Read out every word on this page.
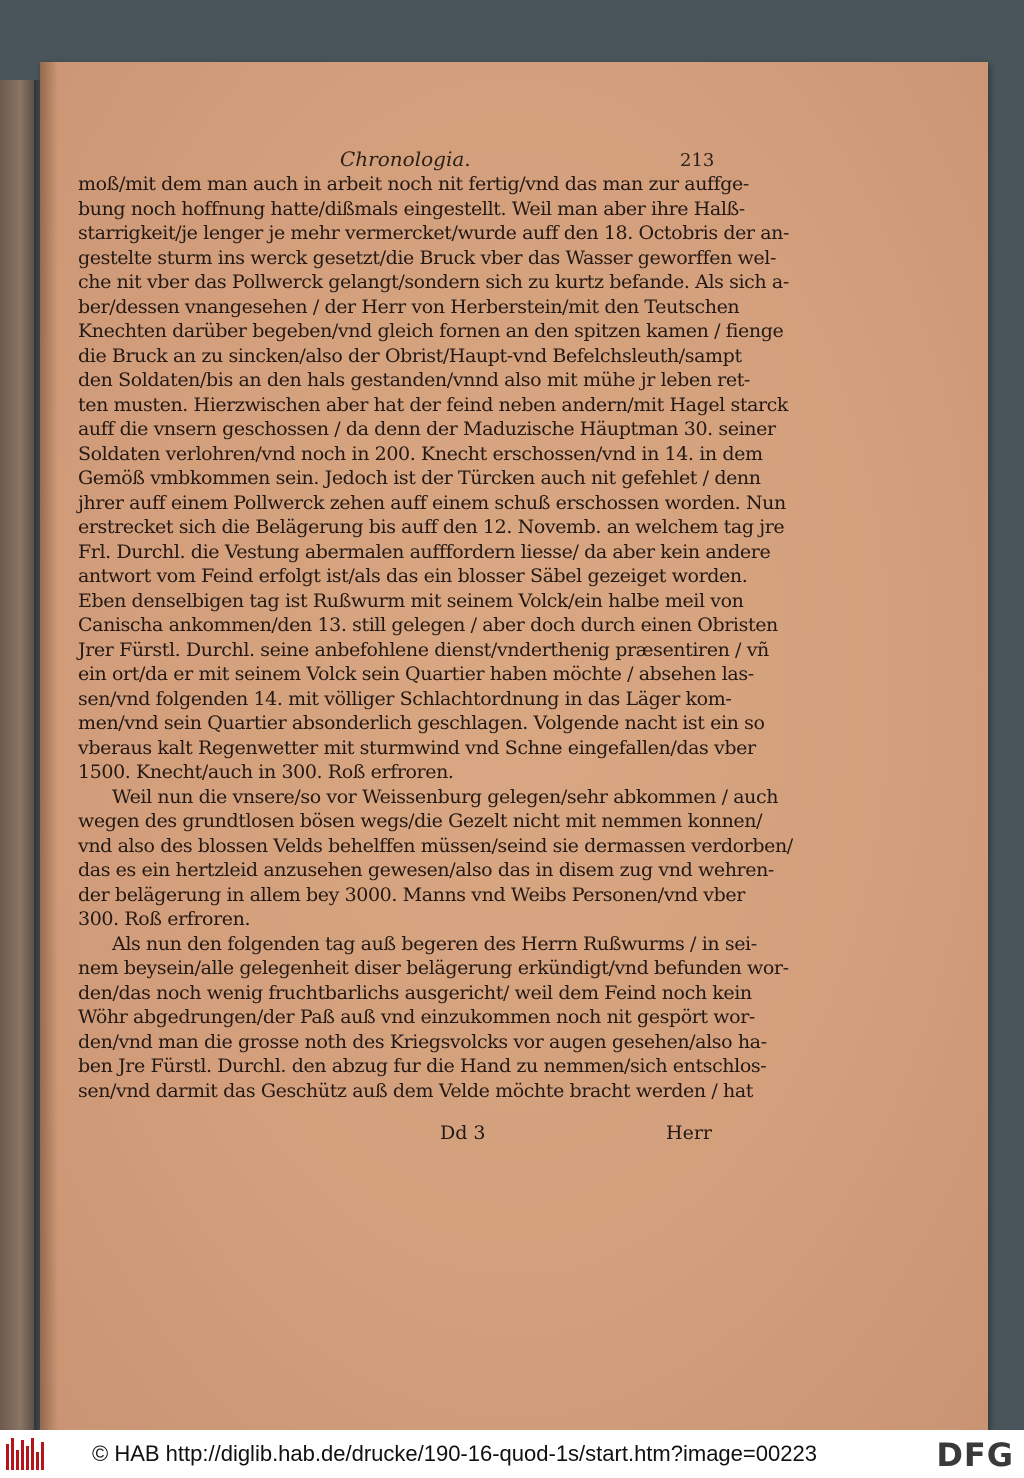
Chronologia.	213
moß/mit dem man auch in arbeit noch nit fertig/vnd das man zur auffge-
bung noch hoffnung hatte/dißmals eingestellt. Weil man aber ihre Halß-
starrigkeit/je lenger je mehr vermercket/wurde auff den 18. Octobris der an-
gestelte sturm ins werck gesetzt/die Bruck vber das Wasser geworffen wel-
che nit vber das Pollwerck gelangt/sondern sich zu kurtz befande. Als sich a-
ber/dessen vnangesehen / der Herr von Herberstein/mit den Teutschen
Knechten darüber begeben/vnd gleich fornen an den spitzen kamen / fienge
die Bruck an zu sincken/also der Obrist/Haupt-vnd Befelchsleuth/sampt
den Soldaten/bis an den hals gestanden/vnnd also mit mühe jr leben ret-
ten musten. Hierzwischen aber hat der feind neben andern/mit Hagel starck
auff die vnsern geschossen / da denn der Maduzische Häuptman 30. seiner
Soldaten verlohren/vnd noch in 200. Knecht erschossen/vnd in 14. in dem
Gemöß vmbkommen sein. Jedoch ist der Türcken auch nit gefehlet / denn
jhrer auff einem Pollwerck zehen auff einem schuß erschossen worden. Nun
erstrecket sich die Belägerung bis auff den 12. Novemb. an welchem tag jre
Frl. Durchl. die Vestung abermalen aufffordern liesse/ da aber kein andere
antwort vom Feind erfolgt ist/als das ein blosser Säbel gezeiget worden.
Eben denselbigen tag ist Rußwurm mit seinem Volck/ein halbe meil von
Canischa ankommen/den 13. still gelegen / aber doch durch einen Obristen
Jrer Fürstl. Durchl. seine anbefohlene dienst/vnderthenig præsentiren / vñ
ein ort/da er mit seinem Volck sein Quartier haben möchte / absehen las-
sen/vnd folgenden 14. mit völliger Schlachtordnung in das Läger kom-
men/vnd sein Quartier absonderlich geschlagen. Volgende nacht ist ein so
vberaus kalt Regenwetter mit sturmwind vnd Schne eingefallen/das vber
1500. Knecht/auch in 300. Roß erfroren.
Weil nun die vnsere/so vor Weissenburg gelegen/sehr abkommen / auch
wegen des grundtlosen bösen wegs/die Gezelt nicht mit nemmen konnen/
vnd also des blossen Velds behelffen müssen/seind sie dermassen verdorben/
das es ein hertzleid anzusehen gewesen/also das in disem zug vnd wehren-
der belägerung in allem bey 3000. Manns vnd Weibs Personen/vnd vber
300. Roß erfroren.
Als nun den folgenden tag auß begeren des Herrn Rußwurms / in sei-
nem beysein/alle gelegenheit diser belägerung erkündigt/vnd befunden wor-
den/das noch wenig fruchtbarlichs ausgericht/ weil dem Feind noch kein
Wöhr abgedrungen/der Paß auß vnd einzukommen noch nit gespört wor-
den/vnd man die grosse noth des Kriegsvolcks vor augen gesehen/also ha-
ben Jre Fürstl. Durchl. den abzug fur die Hand zu nemmen/sich entschlos-
sen/vnd darmit das Geschütz auß dem Velde möchte bracht werden / hat
Dd 3	Herr
© HAB http://diglib.hab.de/drucke/190-16-quod-1s/start.htm?image=00223	DFG
